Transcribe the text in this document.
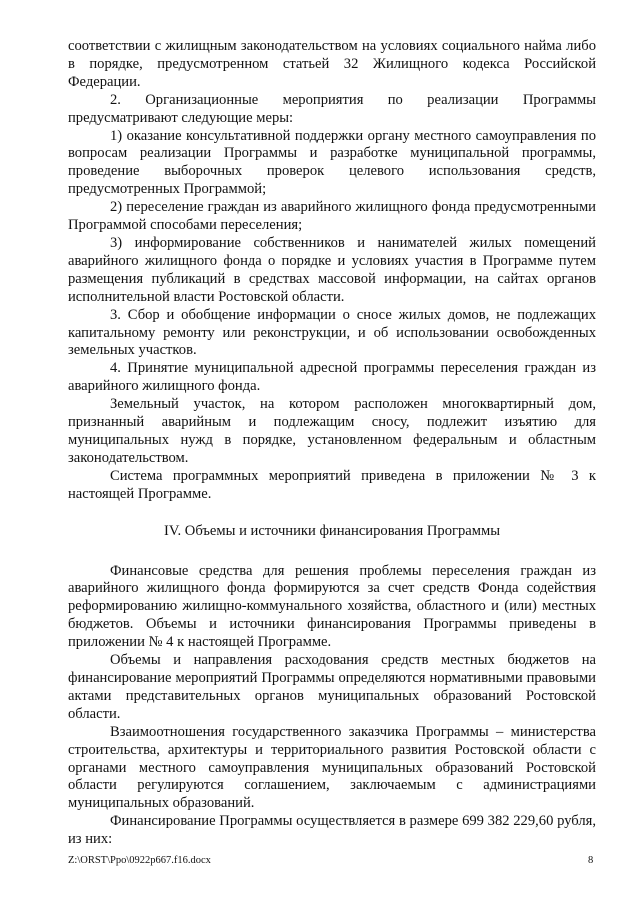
соответствии с жилищным законодательством на условиях социального найма либо в порядке, предусмотренном статьей 32 Жилищного кодекса Российской Федерации.

2. Организационные мероприятия по реализации Программы предусматривают следующие меры:

1) оказание консультативной поддержки органу местного самоуправления по вопросам реализации Программы и разработке муниципальной программы, проведение выборочных проверок целевого использования средств, предусмотренных Программой;

2) переселение граждан из аварийного жилищного фонда предусмотренными Программой способами переселения;

3) информирование собственников и нанимателей жилых помещений аварийного жилищного фонда о порядке и условиях участия в Программе путем размещения публикаций в средствах массовой информации, на сайтах органов исполнительной власти Ростовской области.

3. Сбор и обобщение информации о сносе жилых домов, не подлежащих капитальному ремонту или реконструкции, и об использовании освобожденных земельных участков.

4. Принятие муниципальной адресной программы переселения граждан из аварийного жилищного фонда.

Земельный участок, на котором расположен многоквартирный дом, признанный аварийным и подлежащим сносу, подлежит изъятию для муниципальных нужд в порядке, установленном федеральным и областным законодательством.

Система программных мероприятий приведена в приложении № 3 к настоящей Программе.

IV. Объемы и источники финансирования Программы

Финансовые средства для решения проблемы переселения граждан из аварийного жилищного фонда формируются за счет средств Фонда содействия реформированию жилищно-коммунального хозяйства, областного и (или) местных бюджетов. Объемы и источники финансирования Программы приведены в приложении № 4 к настоящей Программе.

Объемы и направления расходования средств местных бюджетов на финансирование мероприятий Программы определяются нормативными правовыми актами представительных органов муниципальных образований Ростовской области.

Взаимоотношения государственного заказчика Программы – министерства строительства, архитектуры и территориального развития Ростовской области с органами местного самоуправления муниципальных образований Ростовской области регулируются соглашением, заключаемым с администрациями муниципальных образований.

Финансирование Программы осуществляется в размере 699 382 229,60 рубля, из них:

Z:\ORST\Ppo\0922p667.f16.docx	8
